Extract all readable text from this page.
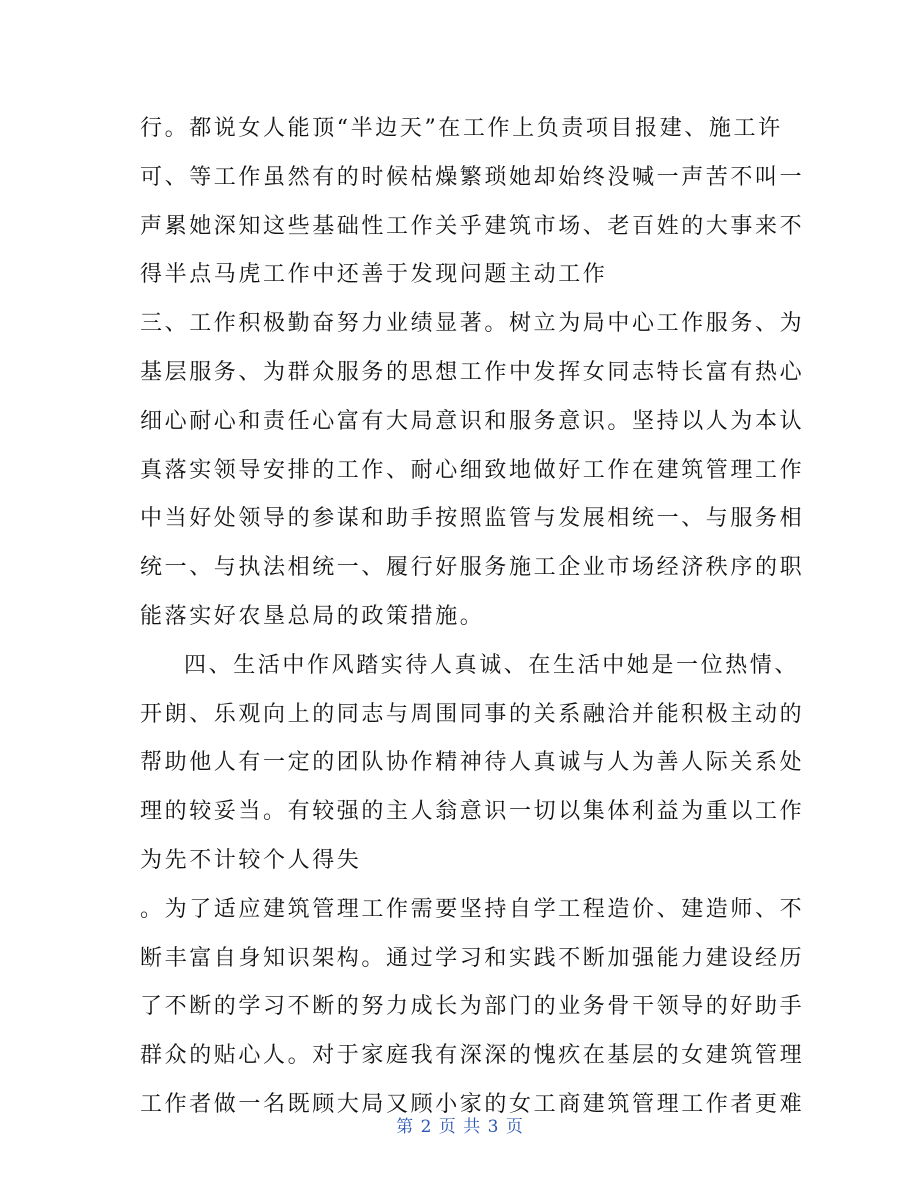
行。都说女人能顶“半边天”在工作上负责项目报建、施工许
可、等工作虽然有的时候枯燥繁琐她却始终没喊一声苦不叫一
声累她深知这些基础性工作关乎建筑市场、老百姓的大事来不
得半点马虎工作中还善于发现问题主动工作
三、工作积极勤奋努力业绩显著。树立为局中心工作服务、为
基层服务、为群众服务的思想工作中发挥女同志特长富有热心
细心耐心和责任心富有大局意识和服务意识。坚持以人为本认
真落实领导安排的工作、耐心细致地做好工作在建筑管理工作
中当好处领导的参谋和助手按照监管与发展相统一、与服务相
统一、与执法相统一、履行好服务施工企业市场经济秩序的职
能落实好农垦总局的政策措施。
四、生活中作风踏实待人真诚、在生活中她是一位热情、
开朗、乐观向上的同志与周围同事的关系融洽并能积极主动的
帮助他人有一定的团队协作精神待人真诚与人为善人际关系处
理的较妥当。有较强的主人翁意识一切以集体利益为重以工作
为先不计较个人得失
。为了适应建筑管理工作需要坚持自学工程造价、建造师、不
断丰富自身知识架构。通过学习和实践不断加强能力建设经历
了不断的学习不断的努力成长为部门的业务骨干领导的好助手
群众的贴心人。对于家庭我有深深的愧疚在基层的女建筑管理
工作者做一名既顾大局又顾小家的女工商建筑管理工作者更难
第 2 页 共 3 页
